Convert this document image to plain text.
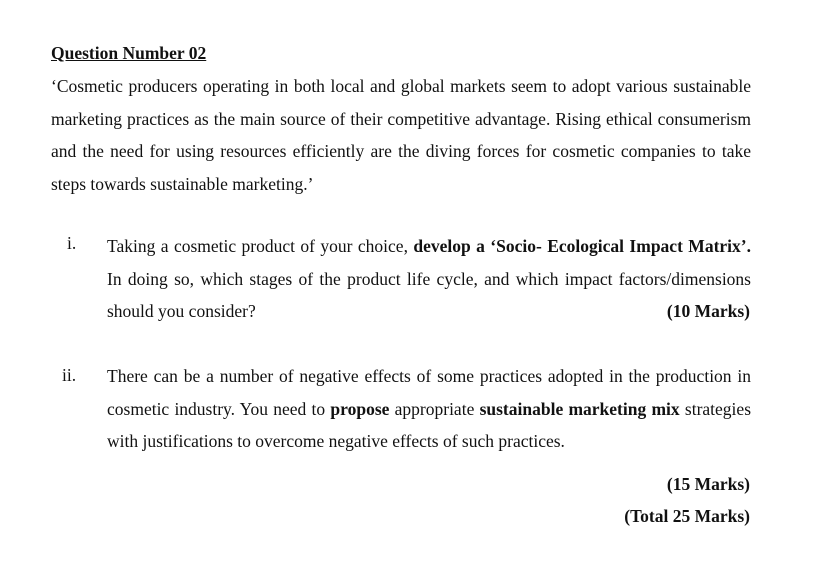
Question Number 02
‘Cosmetic producers operating in both local and global markets seem to adopt various sustainable marketing practices as the main source of their competitive advantage. Rising ethical consumerism and the need for using resources efficiently are the diving forces for cosmetic companies to take steps towards sustainable marketing.’
i. Taking a cosmetic product of your choice, develop a ‘Socio- Ecological Impact Matrix’. In doing so, which stages of the product life cycle, and which impact factors/dimensions should you consider?	(10 Marks)
ii. There can be a number of negative effects of some practices adopted in the production in cosmetic industry. You need to propose appropriate sustainable marketing mix strategies with justifications to overcome negative effects of such practices.
(15 Marks)
(Total 25 Marks)
